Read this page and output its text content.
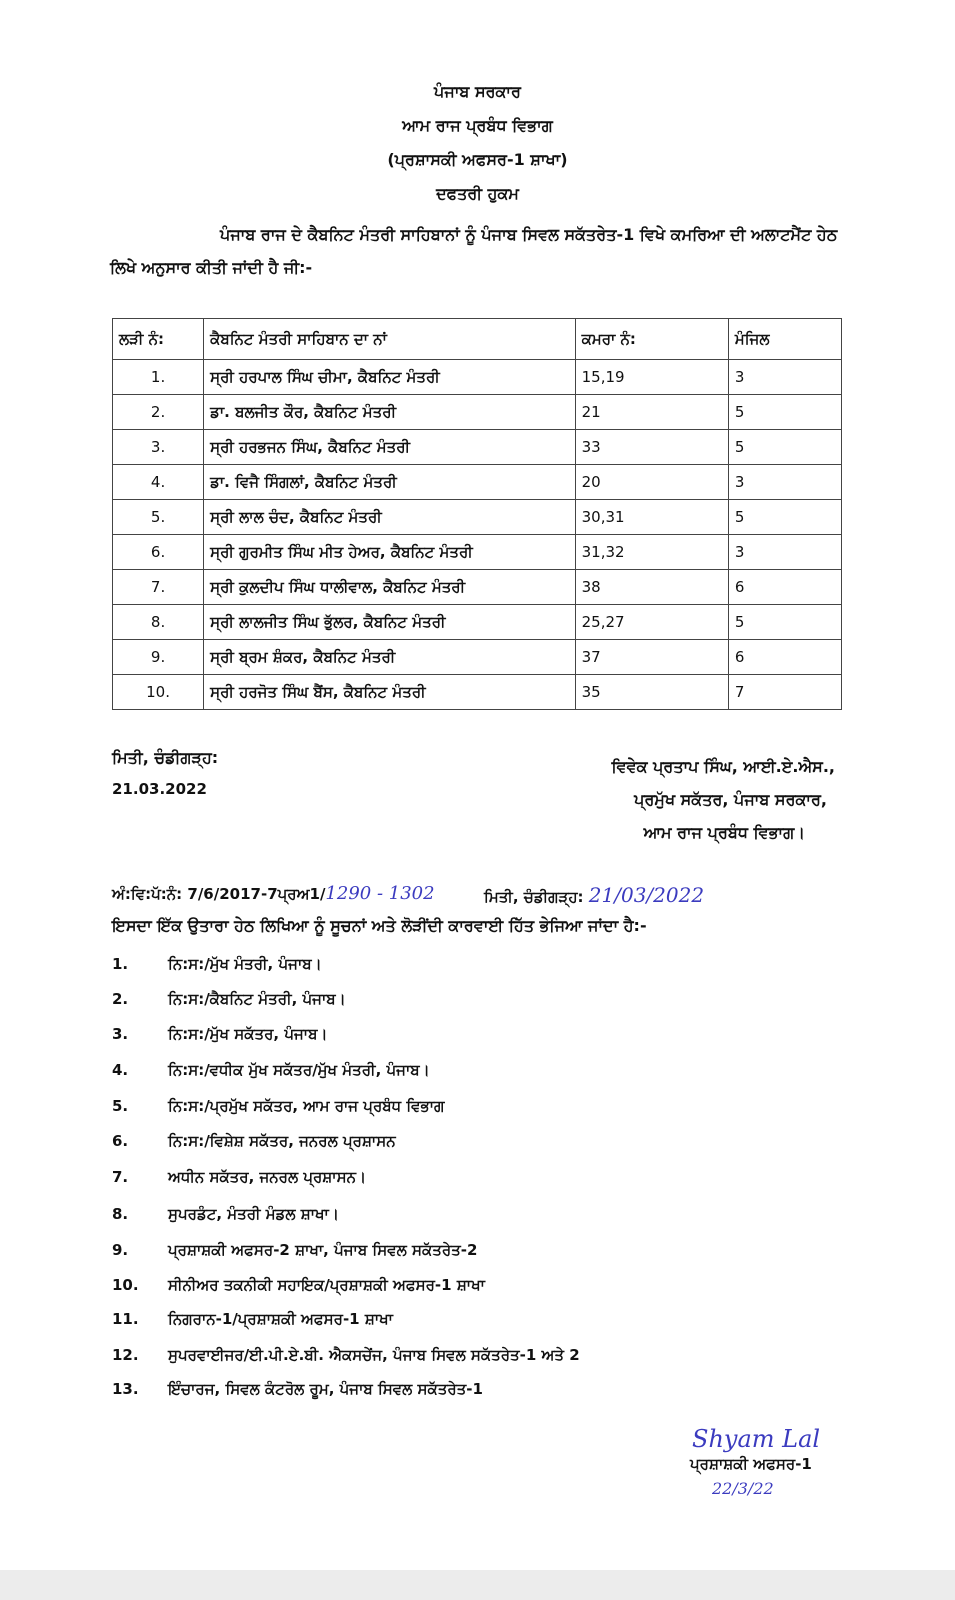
ਪੰਜਾਬ ਸਰਕਾਰ
ਆਮ ਰਾਜ ਪ੍ਰਬੰਧ ਵਿਭਾਗ
(ਪ੍ਰਸ਼ਾਸਕੀ ਅਫਸਰ-1 ਸ਼ਾਖਾ)
ਦਫਤਰੀ ਹੁਕਮ
ਪੰਜਾਬ ਰਾਜ ਦੇ ਕੈਬਨਿਟ ਮੰਤਰੀ ਸਾਹਿਬਾਨਾਂ ਨੂੰ ਪੰਜਾਬ ਸਿਵਲ ਸਕੱਤਰੇਤ-1 ਵਿਖੇ ਕਮਰਿਆ ਦੀ ਅਲਾਟਮੈਂਟ ਹੇਠ ਲਿਖੇ ਅਨੁਸਾਰ ਕੀਤੀ ਜਾਂਦੀ ਹੈ ਜੀ:-
ਲੜੀ ਨੰ:	ਕੈਬਨਿਟ ਮੰਤਰੀ ਸਾਹਿਬਾਨ ਦਾ ਨਾਂ	ਕਮਰਾ ਨੰ:	ਮੰਜਿਲ
1.	ਸ੍ਰੀ ਹਰਪਾਲ ਸਿੰਘ ਚੀਮਾ, ਕੈਬਨਿਟ ਮੰਤਰੀ	15,19	3
2.	ਡਾ. ਬਲਜੀਤ ਕੌਰ, ਕੈਬਨਿਟ ਮੰਤਰੀ	21	5
3.	ਸ੍ਰੀ ਹਰਭਜਨ ਸਿੰਘ, ਕੈਬਨਿਟ ਮੰਤਰੀ	33	5
4.	ਡਾ. ਵਿਜੈ ਸਿੰਗਲਾਂ, ਕੈਬਨਿਟ ਮੰਤਰੀ	20	3
5.	ਸ੍ਰੀ ਲਾਲ ਚੰਦ, ਕੈਬਨਿਟ ਮੰਤਰੀ	30,31	5
6.	ਸ੍ਰੀ ਗੁਰਮੀਤ ਸਿੰਘ ਮੀਤ ਹੇਅਰ, ਕੈਬਨਿਟ ਮੰਤਰੀ	31,32	3
7.	ਸ੍ਰੀ ਕੁਲਦੀਪ ਸਿੰਘ ਧਾਲੀਵਾਲ, ਕੈਬਨਿਟ ਮੰਤਰੀ	38	6
8.	ਸ੍ਰੀ ਲਾਲਜੀਤ ਸਿੰਘ ਭੁੱਲਰ, ਕੈਬਨਿਟ ਮੰਤਰੀ	25,27	5
9.	ਸ੍ਰੀ ਬ੍ਰਮ ਸ਼ੰਕਰ, ਕੈਬਨਿਟ ਮੰਤਰੀ	37	6
10.	ਸ੍ਰੀ ਹਰਜੋਤ ਸਿੰਘ ਬੈਂਸ, ਕੈਬਨਿਟ ਮੰਤਰੀ	35	7
ਮਿਤੀ, ਚੰਡੀਗੜ੍ਹ:
21.03.2022
ਵਿਵੇਕ ਪ੍ਰਤਾਪ ਸਿੰਘ, ਆਈ.ਏ.ਐਸ.,
ਪ੍ਰਮੁੱਖ ਸਕੱਤਰ, ਪੰਜਾਬ ਸਰਕਾਰ,
ਆਮ ਰਾਜ ਪ੍ਰਬੰਧ ਵਿਭਾਗ।
ਅੰ:ਵਿ:ਪੱ:ਨੰ: 7/6/2017-7ਪ੍ਰਅ1/1290 - 1302	ਮਿਤੀ, ਚੰਡੀਗੜ੍ਹ: 21/03/2022
ਇਸਦਾ ਇੱਕ ਉਤਾਰਾ ਹੇਠ ਲਿਖਿਆ ਨੂੰ ਸੂਚਨਾਂ ਅਤੇ ਲੋੜੀਂਦੀ ਕਾਰਵਾਈ ਹਿੱਤ ਭੇਜਿਆ ਜਾਂਦਾ ਹੈ:-
1.	ਨਿ:ਸ:/ਮੁੱਖ ਮੰਤਰੀ, ਪੰਜਾਬ।
2.	ਨਿ:ਸ:/ਕੈਬਨਿਟ ਮੰਤਰੀ, ਪੰਜਾਬ।
3.	ਨਿ:ਸ:/ਮੁੱਖ ਸਕੱਤਰ, ਪੰਜਾਬ।
4.	ਨਿ:ਸ:/ਵਧੀਕ ਮੁੱਖ ਸਕੱਤਰ/ਮੁੱਖ ਮੰਤਰੀ, ਪੰਜਾਬ।
5.	ਨਿ:ਸ:/ਪ੍ਰਮੁੱਖ ਸਕੱਤਰ, ਆਮ ਰਾਜ ਪ੍ਰਬੰਧ ਵਿਭਾਗ
6.	ਨਿ:ਸ:/ਵਿਸ਼ੇਸ਼ ਸਕੱਤਰ, ਜਨਰਲ ਪ੍ਰਸ਼ਾਸਨ
7.	ਅਧੀਨ ਸਕੱਤਰ, ਜਨਰਲ ਪ੍ਰਸ਼ਾਸਨ।
8.	ਸੁਪਰਡੰਟ, ਮੰਤਰੀ ਮੰਡਲ ਸ਼ਾਖਾ।
9.	ਪ੍ਰਸ਼ਾਸ਼ਕੀ ਅਫਸਰ-2 ਸ਼ਾਖਾ, ਪੰਜਾਬ ਸਿਵਲ ਸਕੱਤਰੇਤ-2
10.	ਸੀਨੀਅਰ ਤਕਨੀਕੀ ਸਹਾਇਕ/ਪ੍ਰਸ਼ਾਸ਼ਕੀ ਅਫਸਰ-1 ਸ਼ਾਖਾ
11.	ਨਿਗਰਾਨ-1/ਪ੍ਰਸ਼ਾਸ਼ਕੀ ਅਫਸਰ-1 ਸ਼ਾਖਾ
12.	ਸੁਪਰਵਾਈਜਰ/ਈ.ਪੀ.ਏ.ਬੀ. ਐਕਸਚੇਂਜ, ਪੰਜਾਬ ਸਿਵਲ ਸਕੱਤਰੇਤ-1 ਅਤੇ 2
13.	ਇੰਚਾਰਜ, ਸਿਵਲ ਕੰਟਰੋਲ ਰੂਮ, ਪੰਜਾਬ ਸਿਵਲ ਸਕੱਤਰੇਤ-1
Shyam Lal
ਪ੍ਰਸ਼ਾਸ਼ਕੀ ਅਫਸਰ-1
22/3/22
